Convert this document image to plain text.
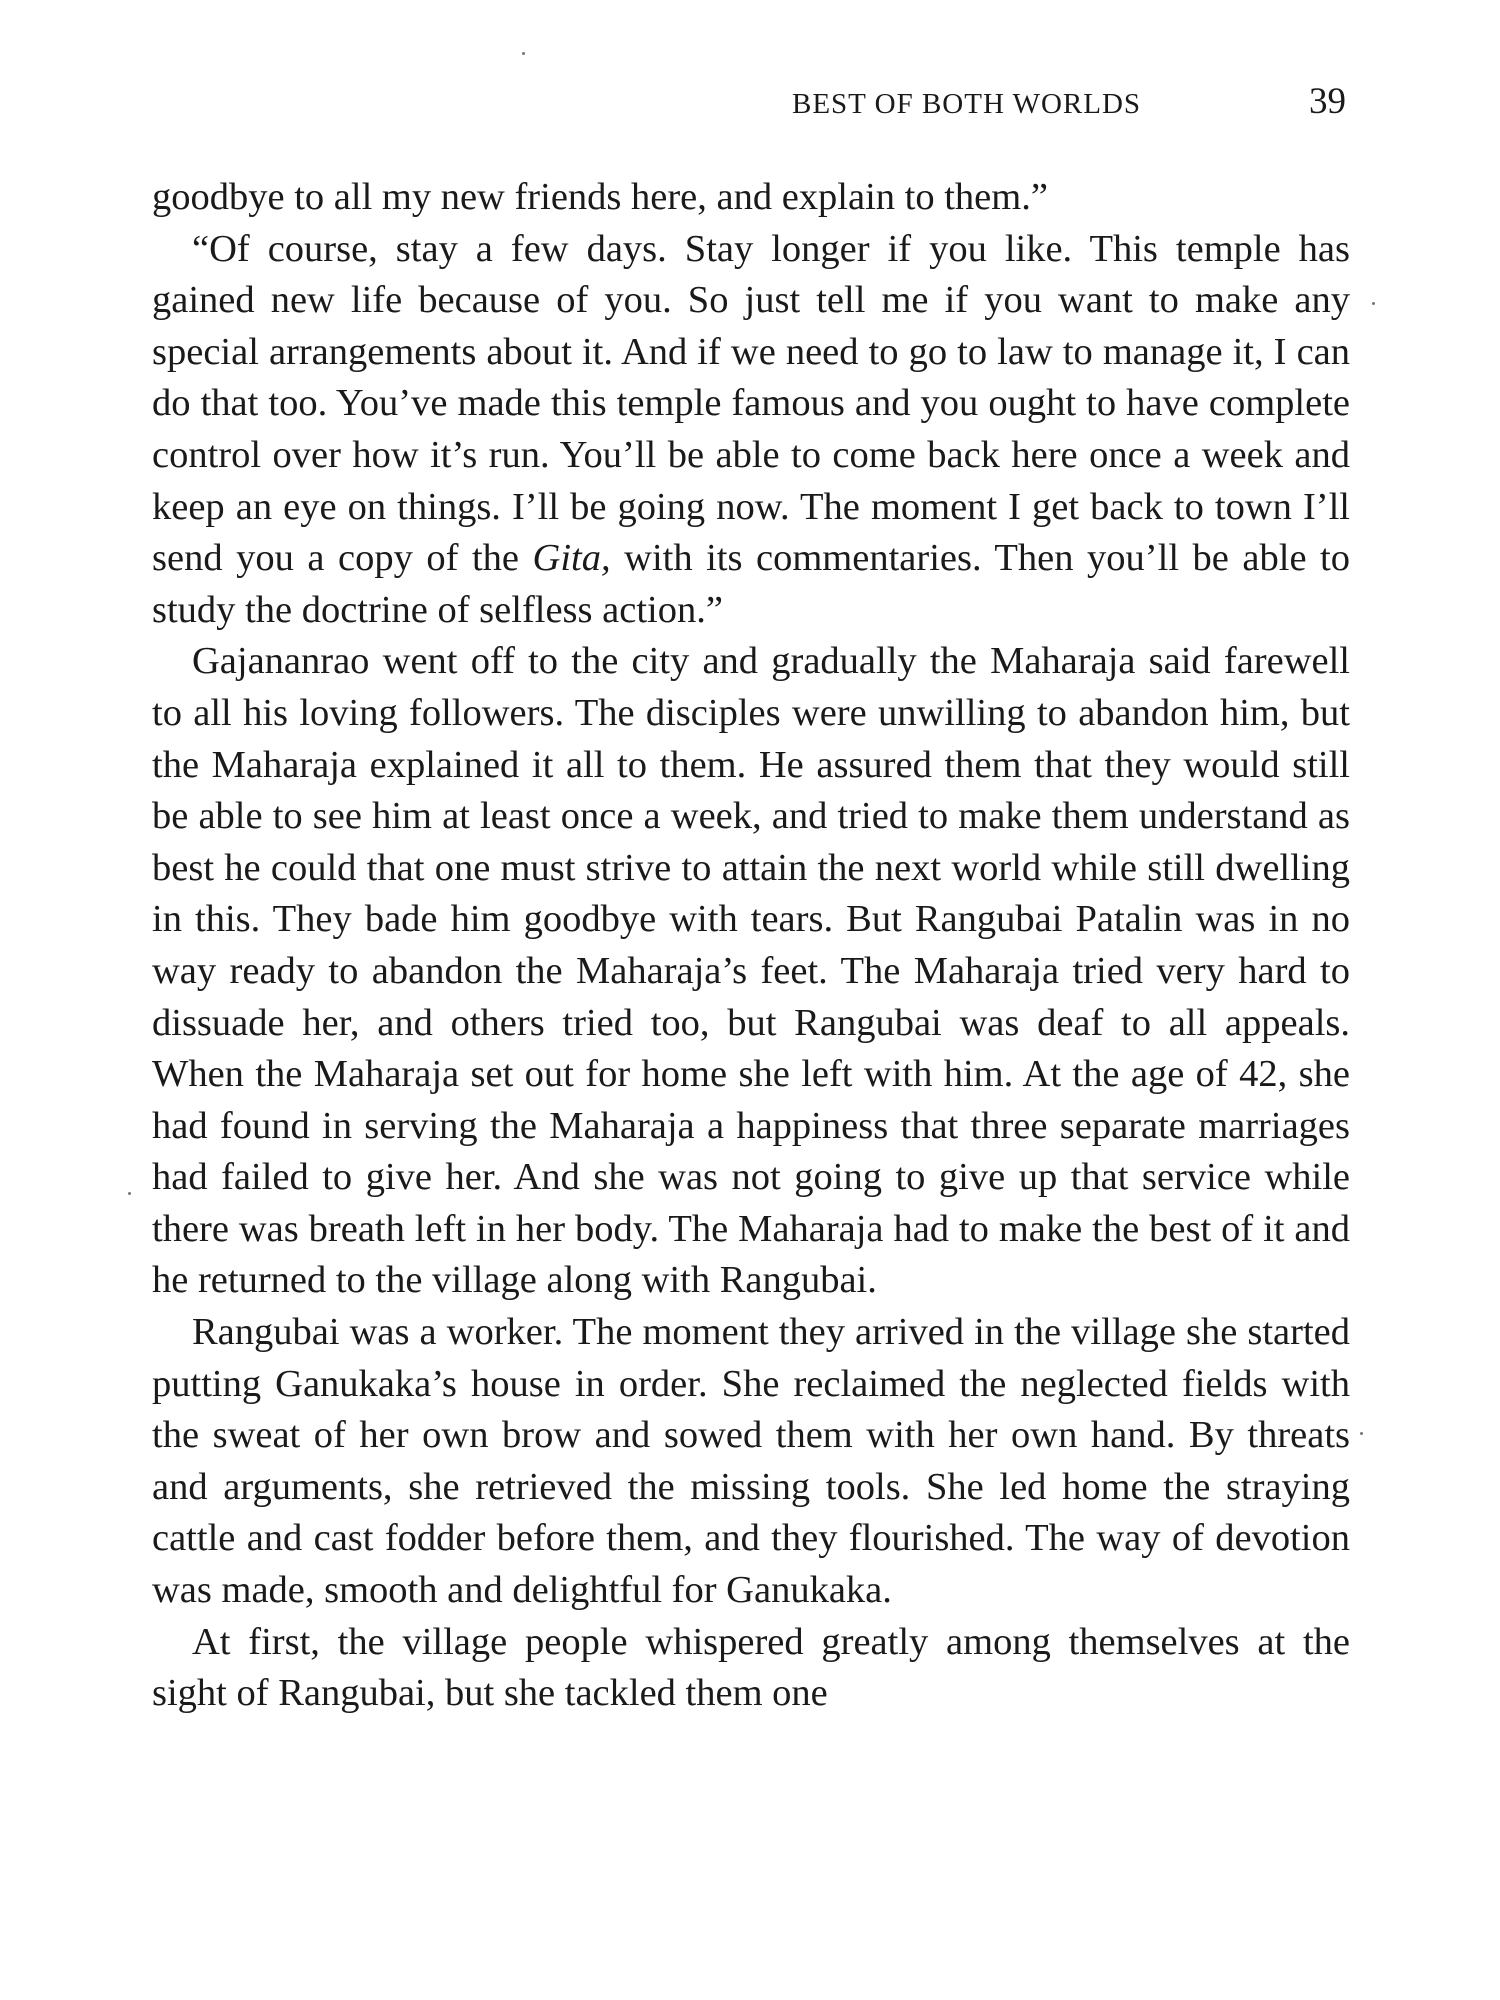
BEST OF BOTH WORLDS	39

goodbye to all my new friends here, and explain to them.”

“Of course, stay a few days. Stay longer if you like. This temple has gained new life because of you. So just tell me if you want to make any special arrangements about it. And if we need to go to law to manage it, I can do that too. You’ve made this temple famous and you ought to have complete control over how it’s run. You’ll be able to come back here once a week and keep an eye on things. I’ll be going now. The moment I get back to town I’ll send you a copy of the Gita, with its commentaries. Then you’ll be able to study the doctrine of selfless action.”

Gajananrao went off to the city and gradually the Maharaja said farewell to all his loving followers. The disciples were unwilling to abandon him, but the Maharaja explained it all to them. He assured them that they would still be able to see him at least once a week, and tried to make them understand as best he could that one must strive to attain the next world while still dwelling in this. They bade him goodbye with tears. But Rangubai Patalin was in no way ready to abandon the Maharaja’s feet. The Maharaja tried very hard to dissuade her, and others tried too, but Rangubai was deaf to all appeals. When the Maharaja set out for home she left with him. At the age of 42, she had found in serving the Maharaja a happiness that three separate marriages had failed to give her. And she was not going to give up that service while there was breath left in her body. The Maharaja had to make the best of it and he returned to the village along with Rangubai.

Rangubai was a worker. The moment they arrived in the village she started putting Ganukaka’s house in order. She reclaimed the neglected fields with the sweat of her own brow and sowed them with her own hand. By threats and arguments, she retrieved the missing tools. She led home the straying cattle and cast fodder before them, and they flourished. The way of devotion was made, smooth and delightful for Ganukaka.

At first, the village people whispered greatly among themselves at the sight of Rangubai, but she tackled them one
